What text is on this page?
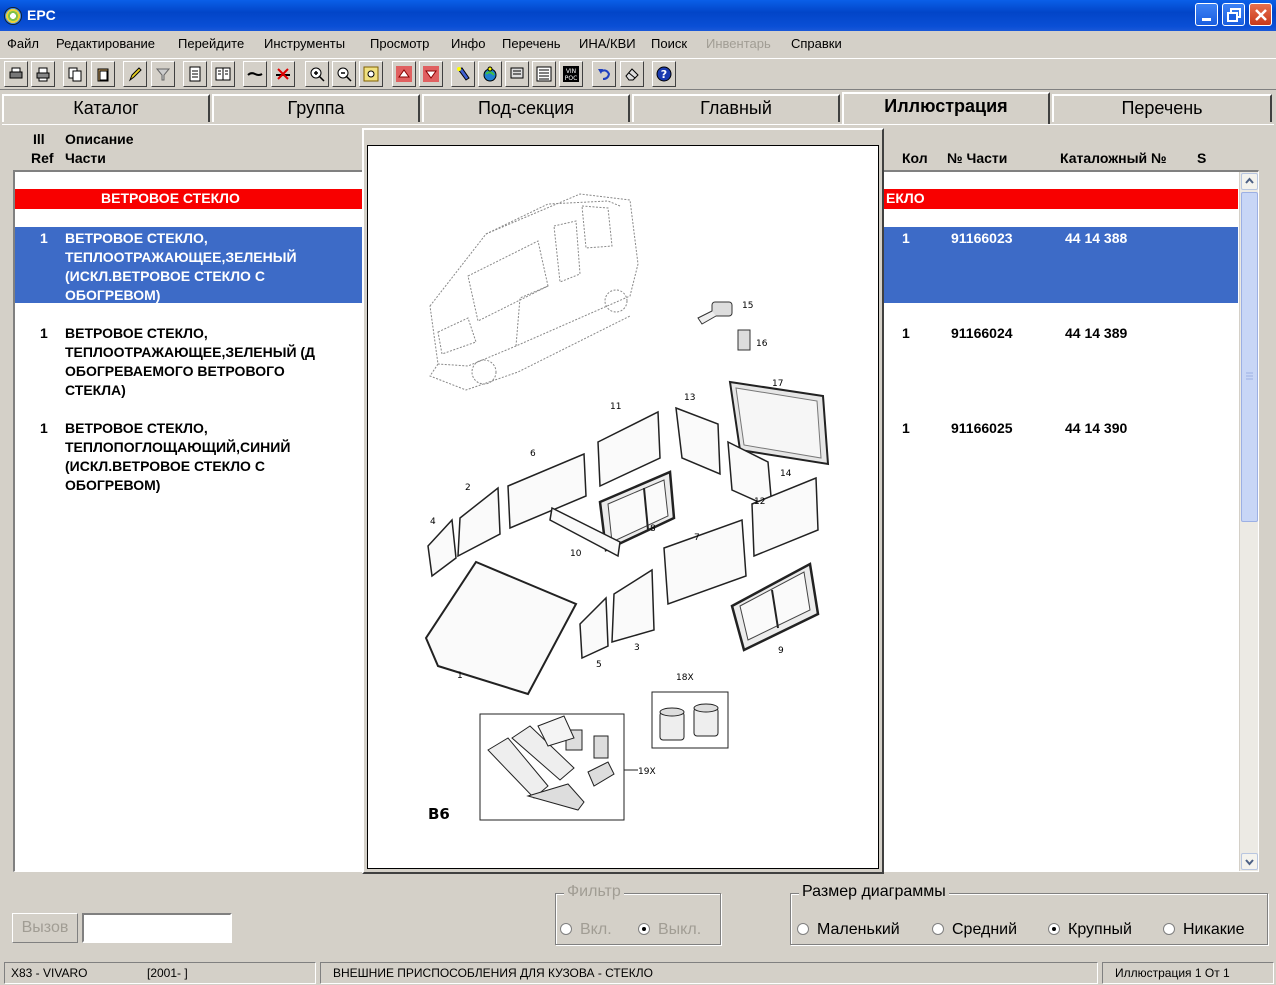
EPC
Файл Редактирование Перейдите Инструменты Просмотр Инфо Перечень ИНА/КВИ Поиск Инвентарь Справки
VIN
POC	?
Каталог	Группа	Под-секция	Главный	Иллюстрация	Перечень
Ill
Ref
Описание
Части	Кол № Части	Каталожный № S
ВЕТРОВОЕ СТЕКЛО	ЕКЛО
1 ВЕТРОВОЕ СТЕКЛО,
ТЕПЛООТРАЖАЮЩЕЕ,ЗЕЛЕНЫЙ
(ИСКЛ.ВЕТРОВОЕ СТЕКЛО С
ОБОГРЕВОМ)
1	91166023	44 14 388
1 ВЕТРОВОЕ СТЕКЛО,
ТЕПЛООТРАЖАЮЩЕЕ,ЗЕЛЕНЫЙ (Д
ОБОГРЕВАЕМОГО ВЕТРОВОГО
СТЕКЛА)
1	91166024	44 14 389
1 ВЕТРОВОЕ СТЕКЛО,
ТЕПЛОПОГЛОЩАЮЩИЙ,СИНИЙ
(ИСКЛ.ВЕТРОВОЕ СТЕКЛО С
ОБОГРЕВОМ)
1	91166025	44 14 390
1
2
3
4
5
6
7
8
9
10
11
12
13
14
15
16
17
18X
19X
B6
Вызов
Фильтр
Вкл.	Выкл.
Размер диаграммы
Маленький	Средний	Крупный	Никакие
X83 - VIVARO	[2001- ]	ВНЕШНИЕ ПРИСПОСОБЛЕНИЯ ДЛЯ КУЗОВА - СТЕКЛО	Иллюстрация 1 От 1
